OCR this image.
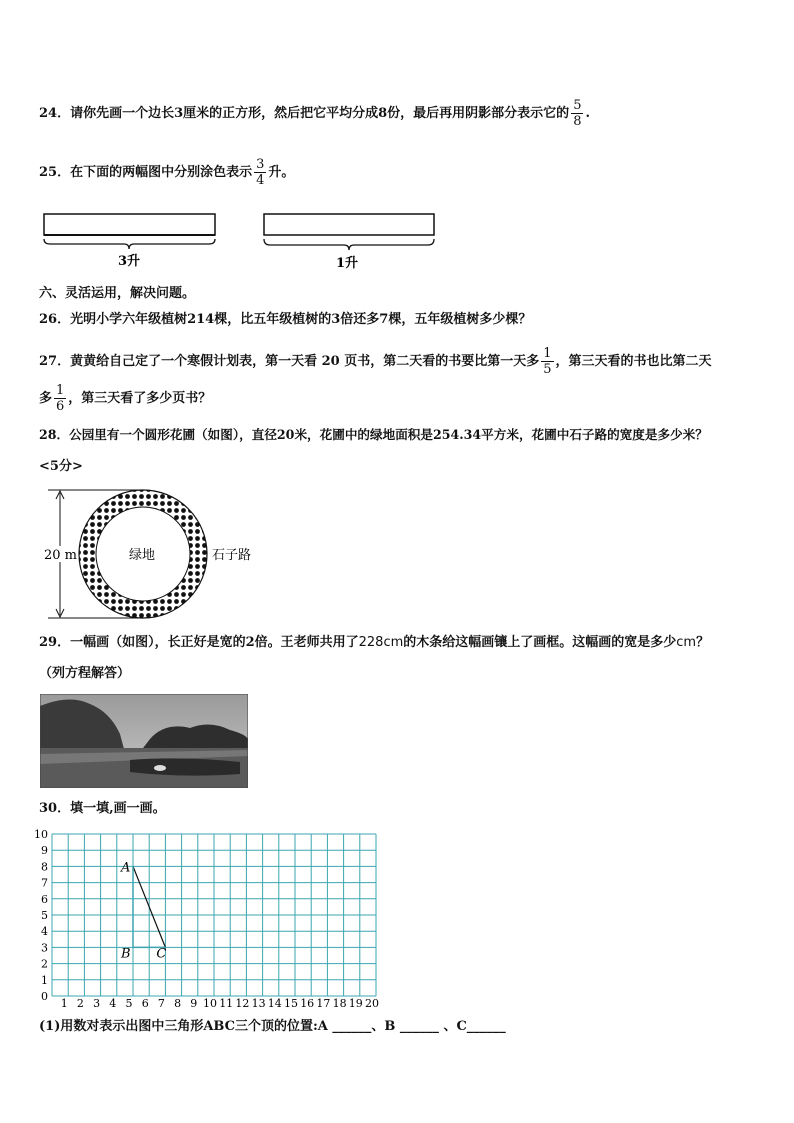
24．请你先画一个边长3厘米的正方形，然后把它平均分成8份，最后再用阴影部分表示它的 $\frac{5}{8}$ .
25．在下面的两幅图中分别涂色表示 $\frac{3}{4}$ 升。
3升	1升
六、灵活运用，解决问题。
26．光明小学六年级植树214棵，比五年级植树的3倍还多7棵，五年级植树多少棵？
27．黄黄给自己定了一个寒假计划表，第一天看 20 页书，第二天看的书要比第一天多 $\frac{1}{5}$ ，第三天看的书也比第二天
多 $\frac{1}{6}$ ，第三天看了多少页书？
28．公园里有一个圆形花圃（如图），直径20米，花圃中的绿地面积是254.34平方米，花圃中石子路的宽度是多少米？
<5分>
20 m	绿地	石子路
29．一幅画（如图），长正好是宽的2倍。王老师共用了228cm的木条给这幅画镶上了画框。这幅画的宽是多少cm？
（列方程解答）
30．填一填,画一画。
1 2 3 4 5 6 7 8 9 10 11 12 13 14 15 16 17 18 19 20
0
1
2
3
4
5
6
7
8
9
10
A
B C
(1)用数对表示出图中三角形ABC三个顶的位置:A ______、B ______ 、C______
